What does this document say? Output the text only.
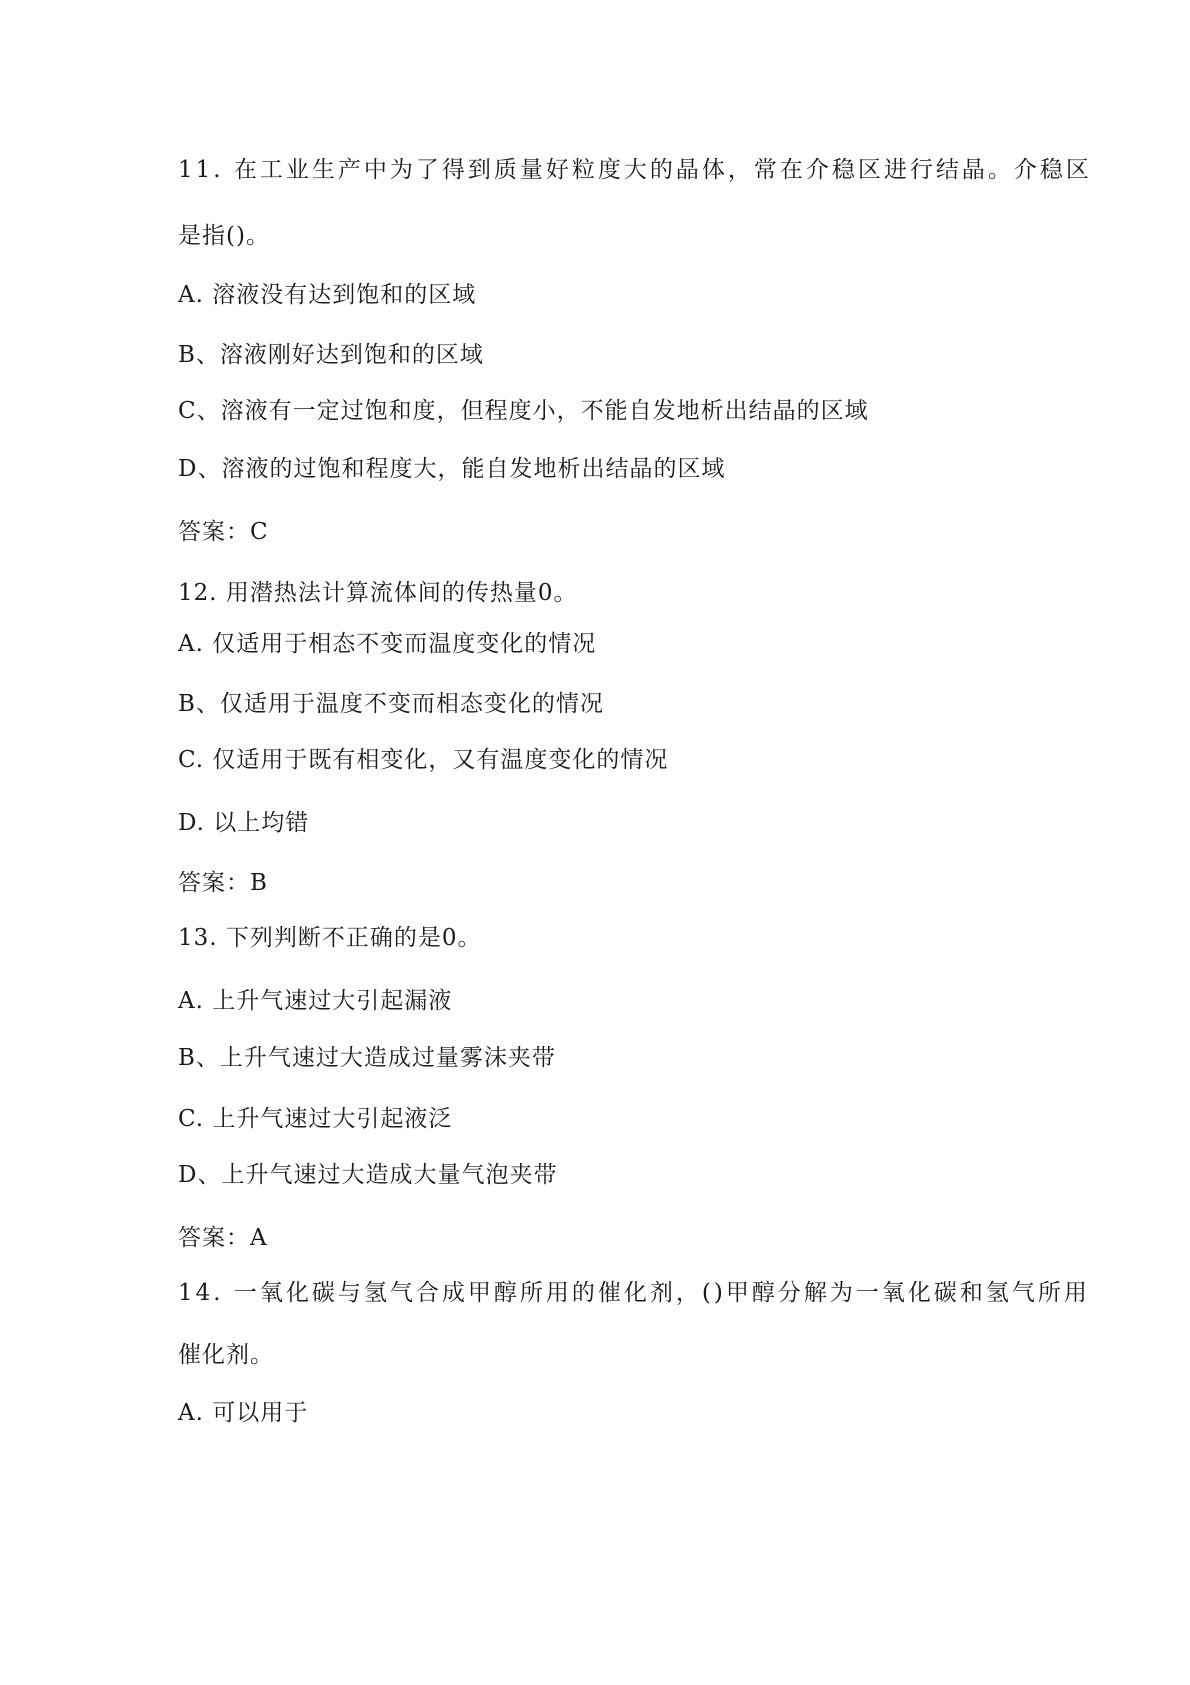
11. 在工业生产中为了得到质量好粒度大的晶体，常在介稳区进行结晶。介稳区
是指()。
A. 溶液没有达到饱和的区域
B、溶液刚好达到饱和的区域
C、溶液有一定过饱和度，但程度小，不能自发地析出结晶的区域
D、溶液的过饱和程度大，能自发地析出结晶的区域
答案：C
12. 用潜热法计算流体间的传热量0。
A. 仅适用于相态不变而温度变化的情况
B、仅适用于温度不变而相态变化的情况
C. 仅适用于既有相变化，又有温度变化的情况
D. 以上均错
答案：B
13. 下列判断不正确的是0。
A. 上升气速过大引起漏液
B、上升气速过大造成过量雾沫夹带
C. 上升气速过大引起液泛
D、上升气速过大造成大量气泡夹带
答案：A
14. 一氧化碳与氢气合成甲醇所用的催化剂，()甲醇分解为一氧化碳和氢气所用
催化剂。
A. 可以用于
